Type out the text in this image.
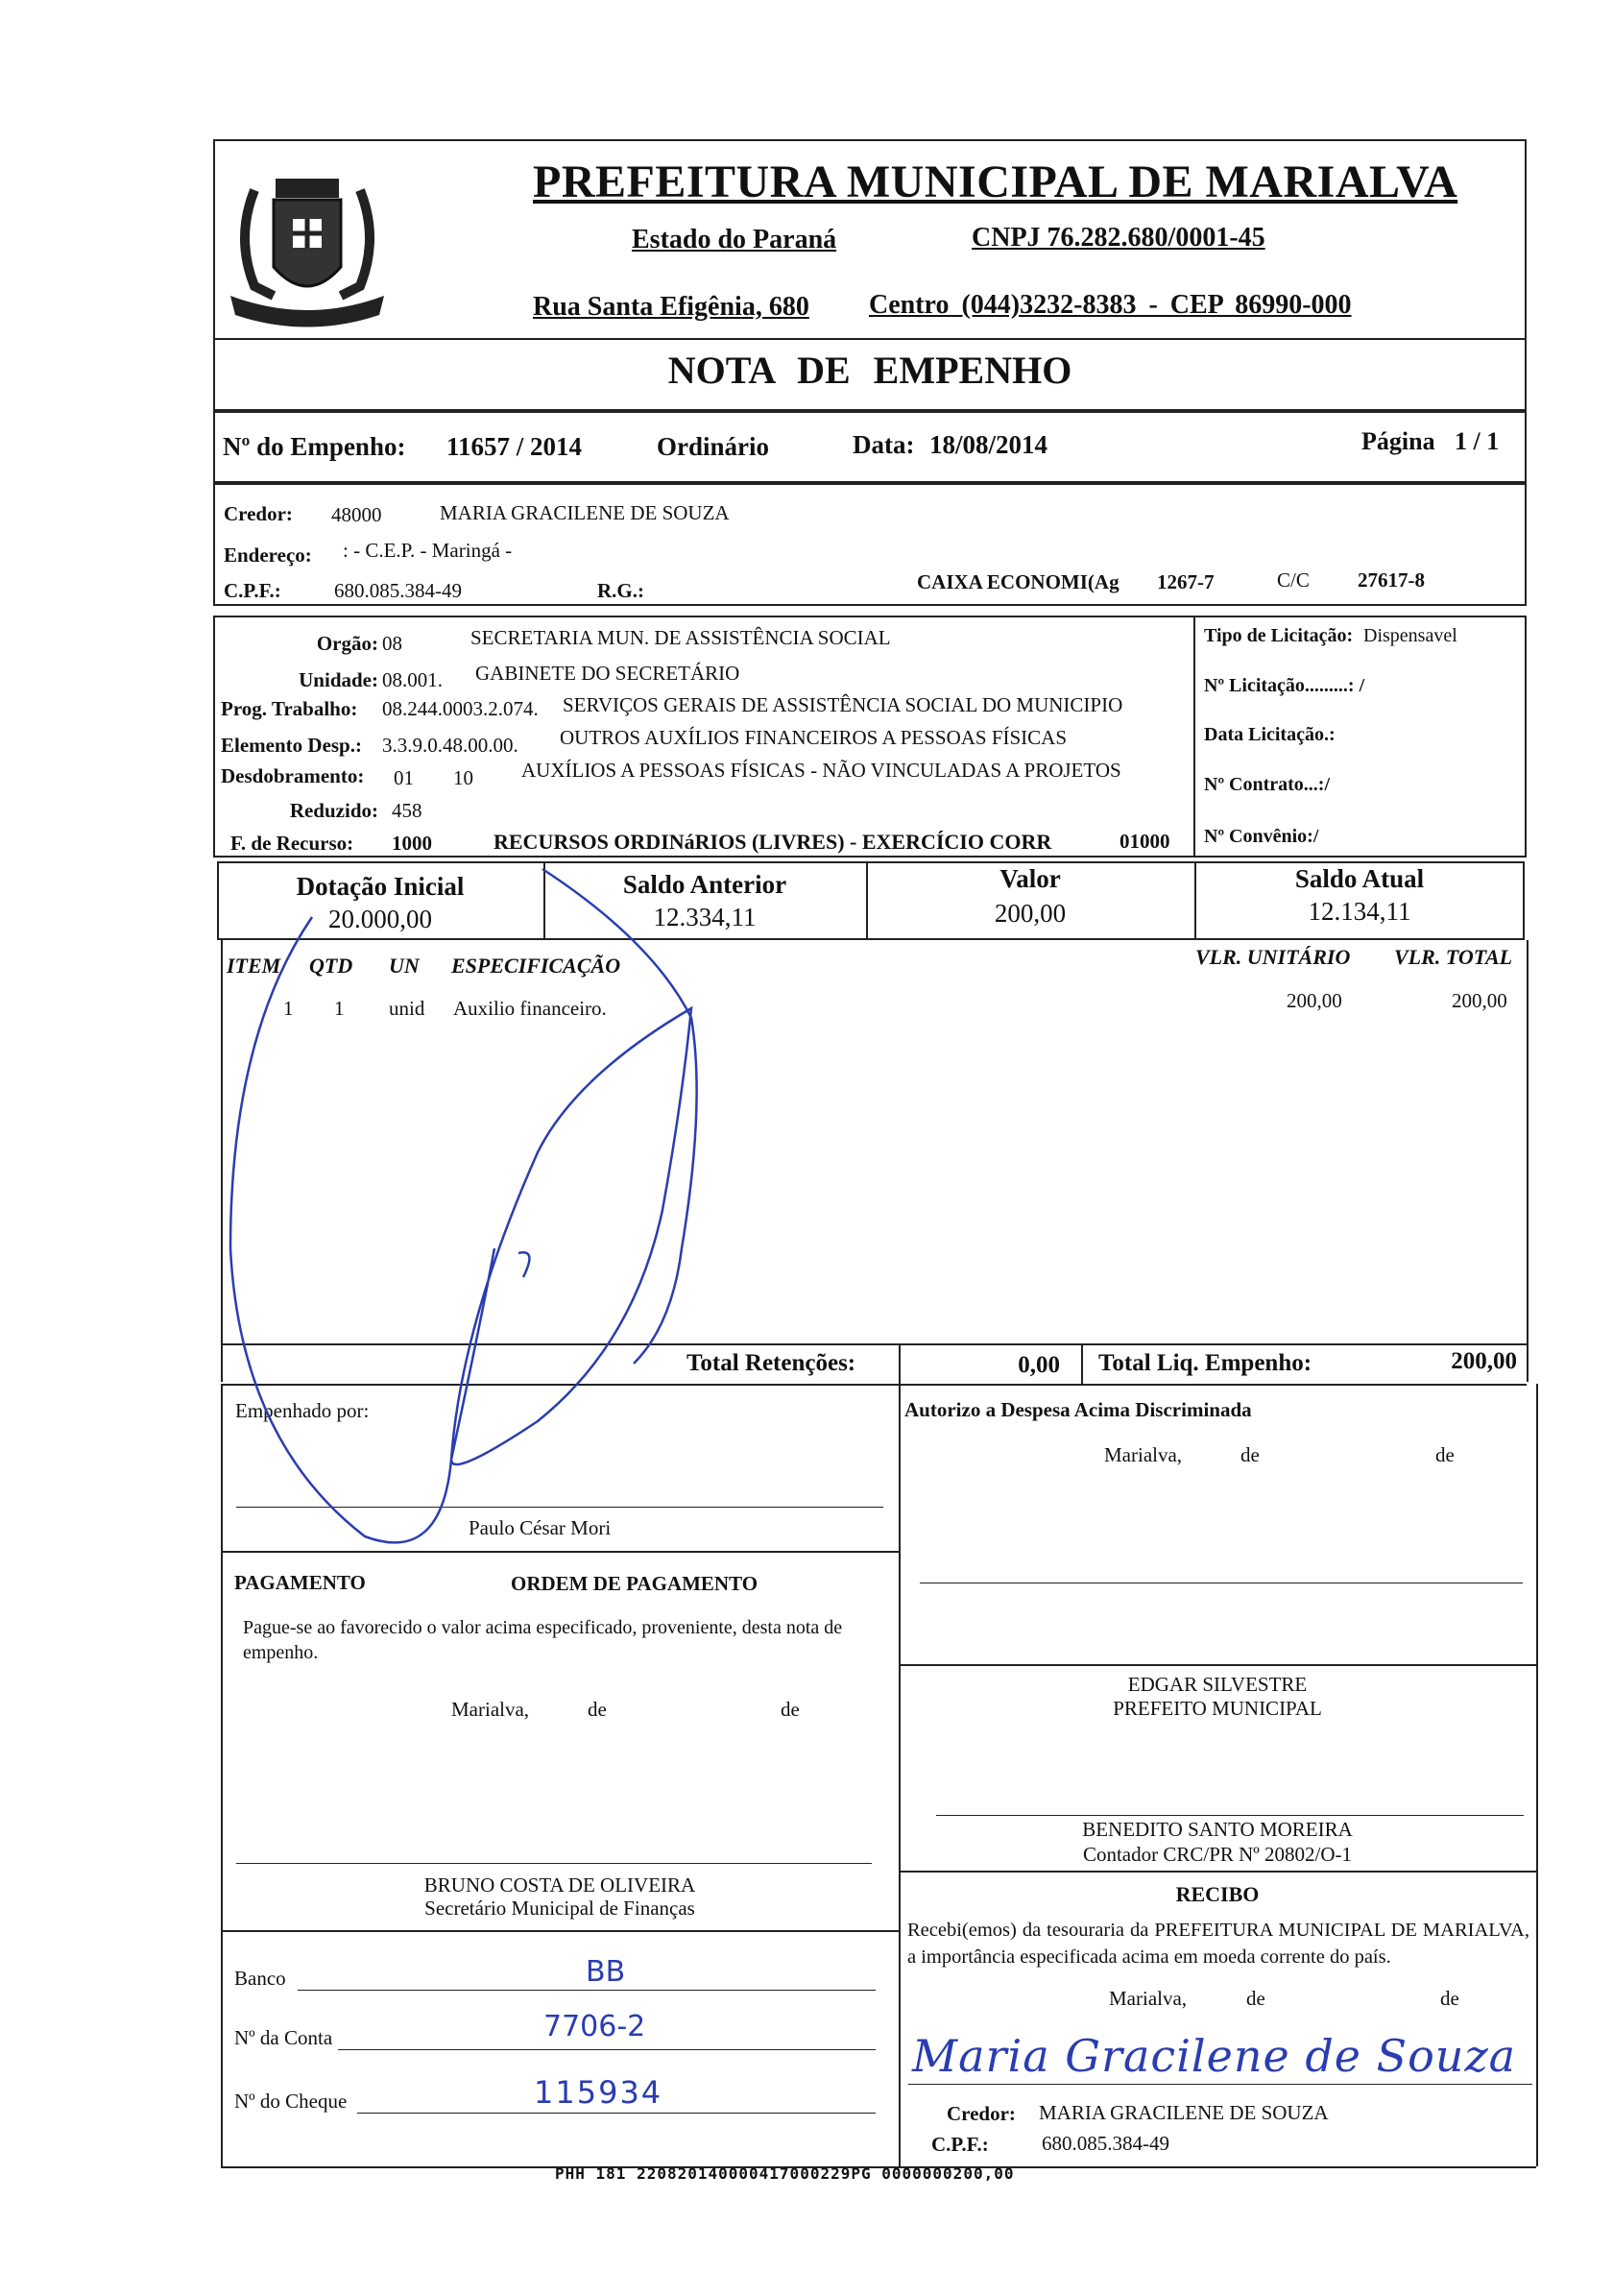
PREFEITURA MUNICIPAL DE MARIALVA
Estado do Paraná	CNPJ 76.282.680/0001-45
Rua Santa Efigênia, 680 Centro (044)3232-8383 - CEP 86990-000
NOTA DE EMPENHO
Nº do Empenho: 11657 / 2014	Ordinário	Data: 18/08/2014	Página 1 / 1
Credor: 48000	MARIA GRACILENE DE SOUZA
Endereço: : - C.E.P. - Maringá -
C.P.F.:	680.085.384-49	R.G.:	CAIXA ECONOMI(Ag 1267-7	C/C 27617-8
Orgão: 08	SECRETARIA MUN. DE ASSISTÊNCIA SOCIAL
Unidade: 08.001. GABINETE DO SECRETÁRIO
Prog. Trabalho: 08.244.0003.2.074. SERVIÇOS GERAIS DE ASSISTÊNCIA SOCIAL DO MUNICIPIO
Elemento Desp.: 3.3.9.0.48.00.00. OUTROS AUXÍLIOS FINANCEIROS A PESSOAS FÍSICAS
Desdobramento: 01 10 AUXÍLIOS A PESSOAS FÍSICAS - NÃO VINCULADAS A PROJETOS
Reduzido: 458
F. de Recurso: 1000	RECURSOS ORDINáRIOS (LIVRES) - EXERCÍCIO CORR	01000
Tipo de Licitação: Dispensavel
Nº Licitação.........: /
Data Licitação.:
Nº Contrato...:/
Nº Convênio:/
Dotação Inicial
20.000,00
Saldo Anterior
12.334,11
Valor
200,00
Saldo Atual
12.134,11
ITEM QTD UN ESPECIFICAÇÃO	VLR. UNITÁRIO VLR. TOTAL
1 1 unid Auxilio financeiro.	200,00	200,00
Total Retenções:	0,00 Total Liq. Empenho:	200,00
Empenhado por:
Paulo César Mori
Autorizo a Despesa Acima Discriminada
Marialva,	de	de
EDGAR SILVESTRE
PREFEITO MUNICIPAL
BENEDITO SANTO MOREIRA
Contador CRC/PR Nº 20802/O-1
PAGAMENTO	ORDEM DE PAGAMENTO
Pague-se ao favorecido o valor acima especificado, proveniente, desta nota de empenho.
Marialva,	de	de
BRUNO COSTA DE OLIVEIRA
Secretário Municipal de Finanças
Banco	BB
Nº da Conta	7706-2
Nº do Cheque	115934
RECIBO
Recebi(emos) da tesouraria da PREFEITURA MUNICIPAL DE MARIALVA, a importância especificada acima em moeda corrente do país.
Marialva,	de	de
Maria Gracilene de Souza
Credor: MARIA GRACILENE DE SOUZA
C.P.F.:	680.085.384-49
PHH 181 220820140000417000229PG 0000000200,00
